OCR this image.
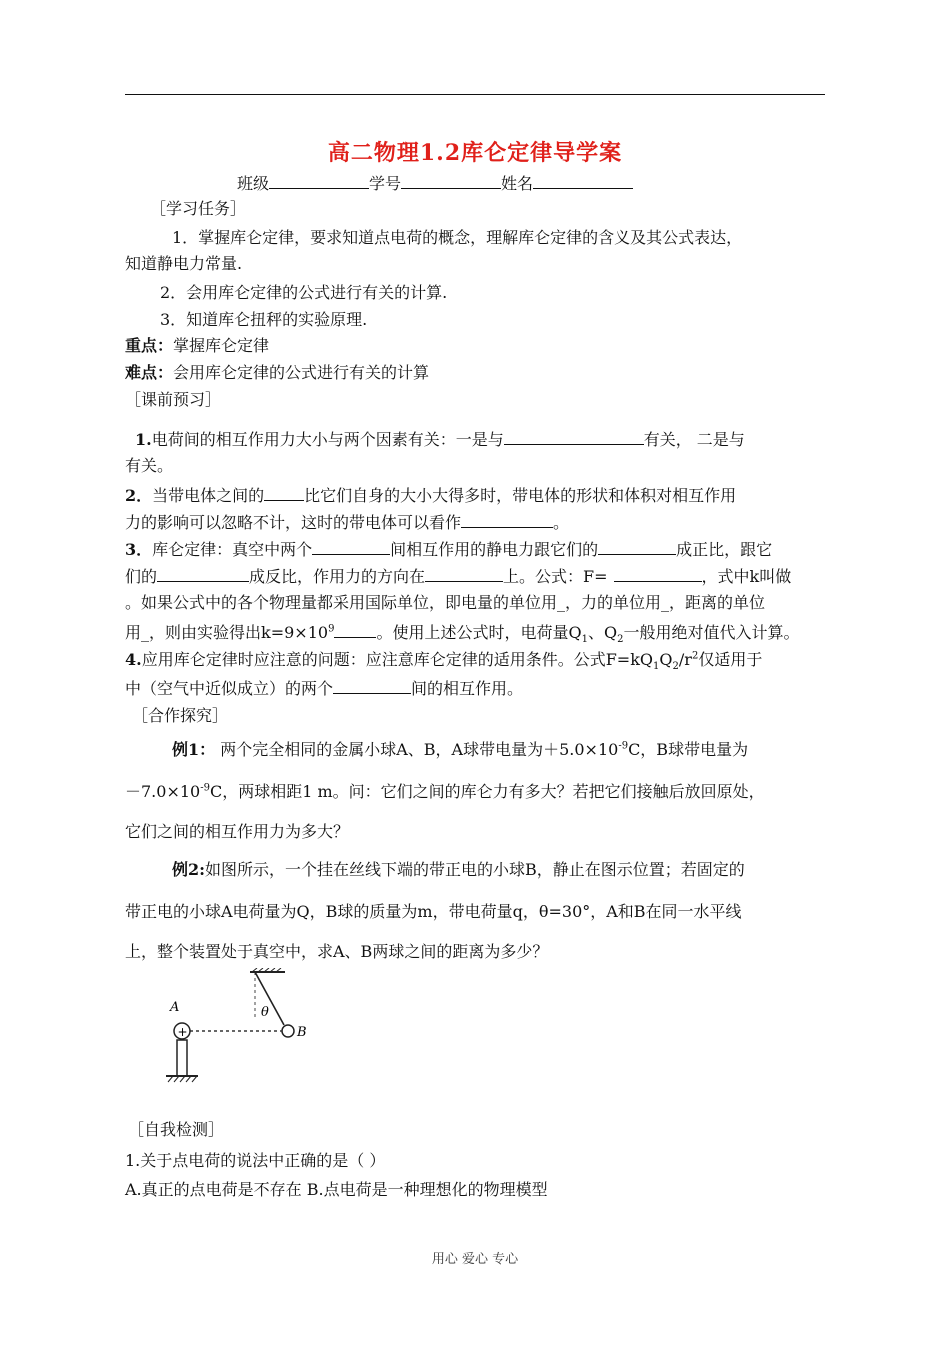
高二物理1.2库仑定律导学案
班级	学号	姓名
［学习任务］
1．掌握库仑定律，要求知道点电荷的概念，理解库仑定律的含义及其公式表达，
知道静电力常量.
2．会用库仑定律的公式进行有关的计算.
3．知道库仑扭秤的实验原理.
重点：掌握库仑定律
难点：会用库仑定律的公式进行有关的计算
［课前预习］
1.电荷间的相互作用力大小与两个因素有关：一是与	有关， 二是与
有关。
2．当带电体之间的	比它们自身的大小大得多时，带电体的形状和体积对相互作用
力的影响可以忽略不计，这时的带电体可以看作	。
3．库仑定律：真空中两个	间相互作用的静电力跟它们的	成正比，跟它
们的	成反比，作用力的方向在	上。公式：F=	，式中k叫做
。如果公式中的各个物理量都采用国际单位，即电量的单位用_，力的单位用_，距离的单位
用_，则由实验得出$k=9\times 10^9$	。使用上述公式时，电荷量$Q_1$、$Q_2$一般用绝对值代入计算。
4.应用库仑定律时应注意的问题：应注意库仑定律的适用条件。公式$F=kQ_1Q_2/r^2$仅适用于
中（空气中近似成立）的两个	间的相互作用。
［合作探究］
例1： 两个完全相同的金属小球A、B，A球带电量为$+5.0\times 10^{-9}C$，B球带电量为
$-7.0\times 10^{-9}C$，两球相距1 m。问：它们之间的库仑力有多大？若把它们接触后放回原处，
它们之间的相互作用力为多大？
例2:如图所示，一个挂在丝线下端的带正电的小球B，静止在图示位置；若固定的
带正电的小球A电荷量为Q，B球的质量为m，带电荷量q，θ=30°，A和B在同一水平线
上，整个装置处于真空中，求A、B两球之间的距离为多少？
θ
B
+
A
［自我检测］
1.关于点电荷的说法中正确的是（ ）
A.真正的点电荷是不存在 B.点电荷是一种理想化的物理模型
用心 爱心 专心
